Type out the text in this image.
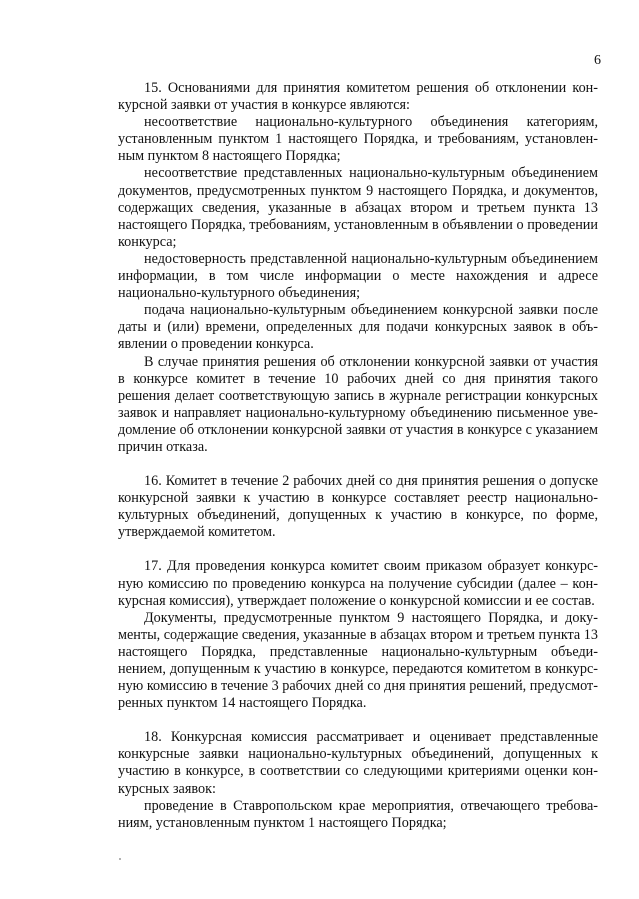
6

15. Основаниями для принятия комитетом решения об отклонении конкурсной заявки от участия в конкурсе являются:

несоответствие национально-культурного объединения категориям, установленным пунктом 1 настоящего Порядка, и требованиям, установленным пунктом 8 настоящего Порядка;

несоответствие представленных национально-культурным объединением документов, предусмотренных пунктом 9 настоящего Порядка, и документов, содержащих сведения, указанные в абзацах втором и третьем пункта 13 настоящего Порядка, требованиям, установленным в объявлении о проведении конкурса;

недостоверность представленной национально-культурным объединением информации, в том числе информации о месте нахождения и адресе национально-культурного объединения;

подача национально-культурным объединением конкурсной заявки после даты и (или) времени, определенных для подачи конкурсных заявок в объявлении о проведении конкурса.

В случае принятия решения об отклонении конкурсной заявки от участия в конкурсе комитет в течение 10 рабочих дней со дня принятия такого решения делает соответствующую запись в журнале регистрации конкурсных заявок и направляет национально-культурному объединению письменное уведомление об отклонении конкурсной заявки от участия в конкурсе с указанием причин отказа.

16. Комитет в течение 2 рабочих дней со дня принятия решения о допуске конкурсной заявки к участию в конкурсе составляет реестр национально-культурных объединений, допущенных к участию в конкурсе, по форме, утверждаемой комитетом.

17. Для проведения конкурса комитет своим приказом образует конкурсную комиссию по проведению конкурса на получение субсидии (далее – конкурсная комиссия), утверждает положение о конкурсной комиссии и ее состав.

Документы, предусмотренные пунктом 9 настоящего Порядка, и документы, содержащие сведения, указанные в абзацах втором и третьем пункта 13 настоящего Порядка, представленные национально-культурным объединением, допущенным к участию в конкурсе, передаются комитетом в конкурсную комиссию в течение 3 рабочих дней со дня принятия решений, предусмотренных пунктом 14 настоящего Порядка.

18. Конкурсная комиссия рассматривает и оценивает представленные конкурсные заявки национально-культурных объединений, допущенных к участию в конкурсе, в соответствии со следующими критериями оценки конкурсных заявок:

проведение в Ставропольском крае мероприятия, отвечающего требованиям, установленным пунктом 1 настоящего Порядка;
